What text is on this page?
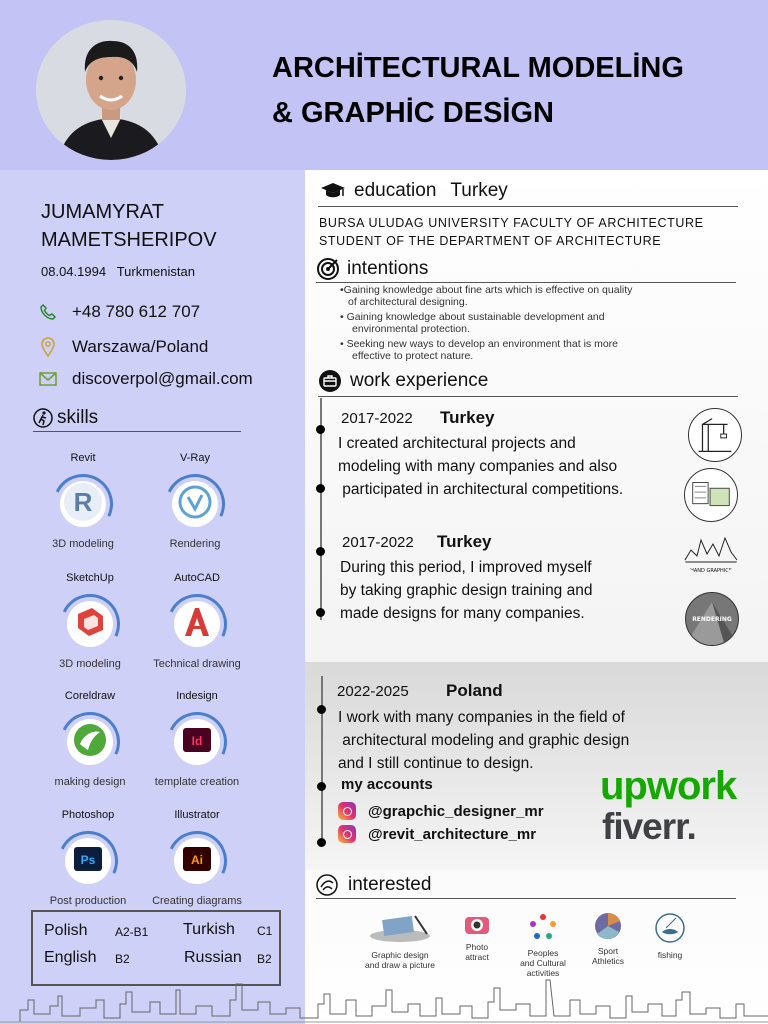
ARCHİTECTURAL MODELİNG
& GRAPHİC DESİGN
JUMAMYRAT
MAMETSHERIPOV
08.04.1994 Turkmenistan
+48 780 612 707
Warszawa/Poland
discoverpol@gmail.com
skills
Revit
R
3D modeling
V-Ray
Rendering
SketchUp
3D modeling
AutoCAD
Technical drawing
Coreldraw
making design
Indesign
Id
template creation
Photoshop
Ps
Post production
Illustrator
Ai
Creating diagrams
Polish A2-B1 Turkish C1
English B2	Russian B2
education Turkey
BURSA ULUDAG UNIVERSITY FACULTY OF ARCHITECTURE
STUDENT OF THE DEPARTMENT OF ARCHITECTURE
intentions
•Gaining knowledge about fine arts which is effective on quality
of architectural designing.
• Gaining knowledge about sustainable development and
environmental protection.
• Seeking new ways to develop an environment that is more
effective to protect nature.
work experience
2017-2022 Turkey
I created architectural projects and
modeling with many companies and also
participated in architectural competitions.
2017-2022 Turkey
During this period, I improved myself
by taking graphic design training and
made designs for many companies.
HAND GRAPHICS
RENDERING
2022-2025 Poland
I work with many companies in the field of
architectural modeling and graphic design
and I still continue to design.
my accounts
@grapchic_designer_mr
@revit_architecture_mr
upwork
fiverr.
interested
Graphic design
and draw a picture
Photo
attract	Peoples
and Cultural
activities
Sport
Athletics
fishing
